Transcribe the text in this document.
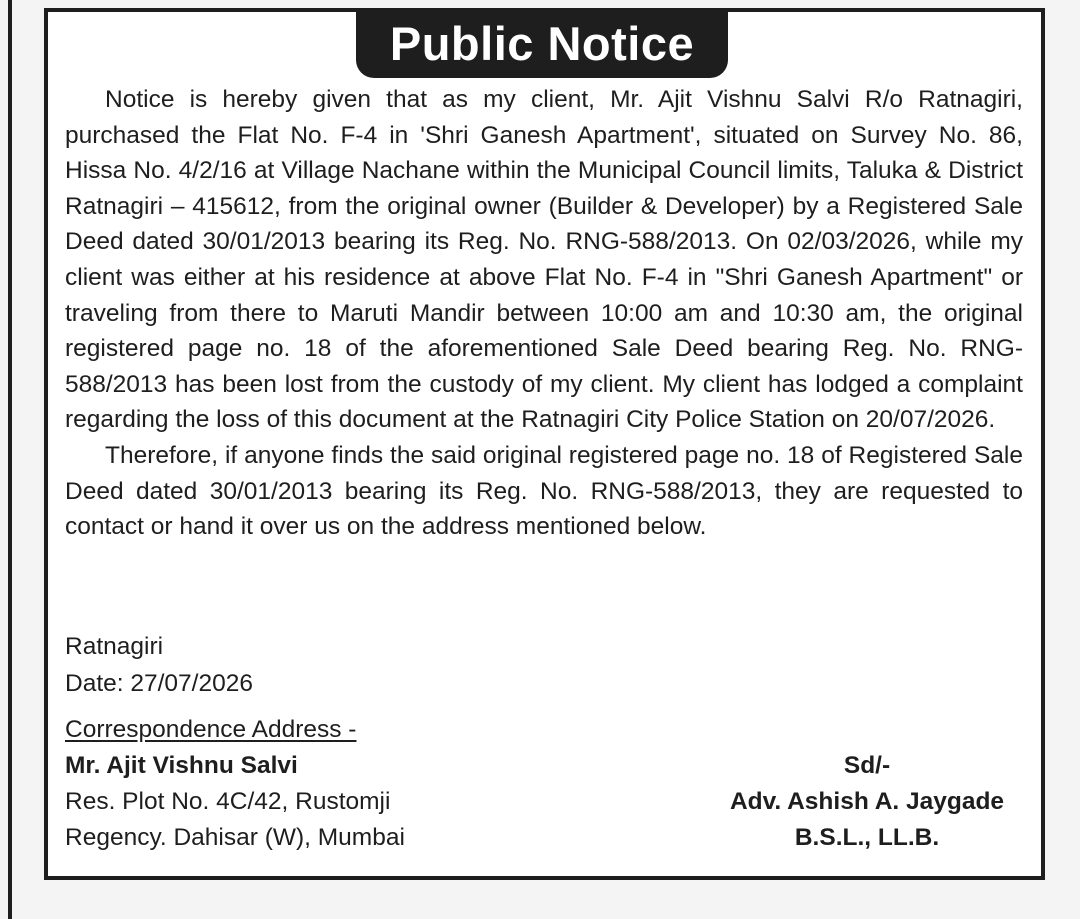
Public Notice

Notice is hereby given that as my client, Mr. Ajit Vishnu Salvi R/o Ratnagiri, purchased the Flat No. F-4 in 'Shri Ganesh Apartment', situated on Survey No. 86, Hissa No. 4/2/16 at Village Nachane within the Municipal Council limits, Taluka & District Ratnagiri – 415612, from the original owner (Builder & Developer) by a Registered Sale Deed dated 30/01/2013 bearing its Reg. No. RNG-588/2013. On 02/03/2026, while my client was either at his residence at above Flat No. F-4 in "Shri Ganesh Apartment" or traveling from there to Maruti Mandir between 10:00 am and 10:30 am, the original registered page no. 18 of the aforementioned Sale Deed bearing Reg. No. RNG-588/2013 has been lost from the custody of my client. My client has lodged a complaint regarding the loss of this document at the Ratnagiri City Police Station on 20/07/2026.

Therefore, if anyone finds the said original registered page no. 18 of Registered Sale Deed dated 30/01/2013 bearing its Reg. No. RNG-588/2013, they are requested to contact or hand it over us on the address mentioned below.

Ratnagiri
Date: 27/07/2026
Correspondence Address -
Mr. Ajit Vishnu Salvi
Res. Plot No. 4C/42, Rustomji
Regency. Dahisar (W), Mumbai
Sd/-
Adv. Ashish A. Jaygade
B.S.L., LL.B.
